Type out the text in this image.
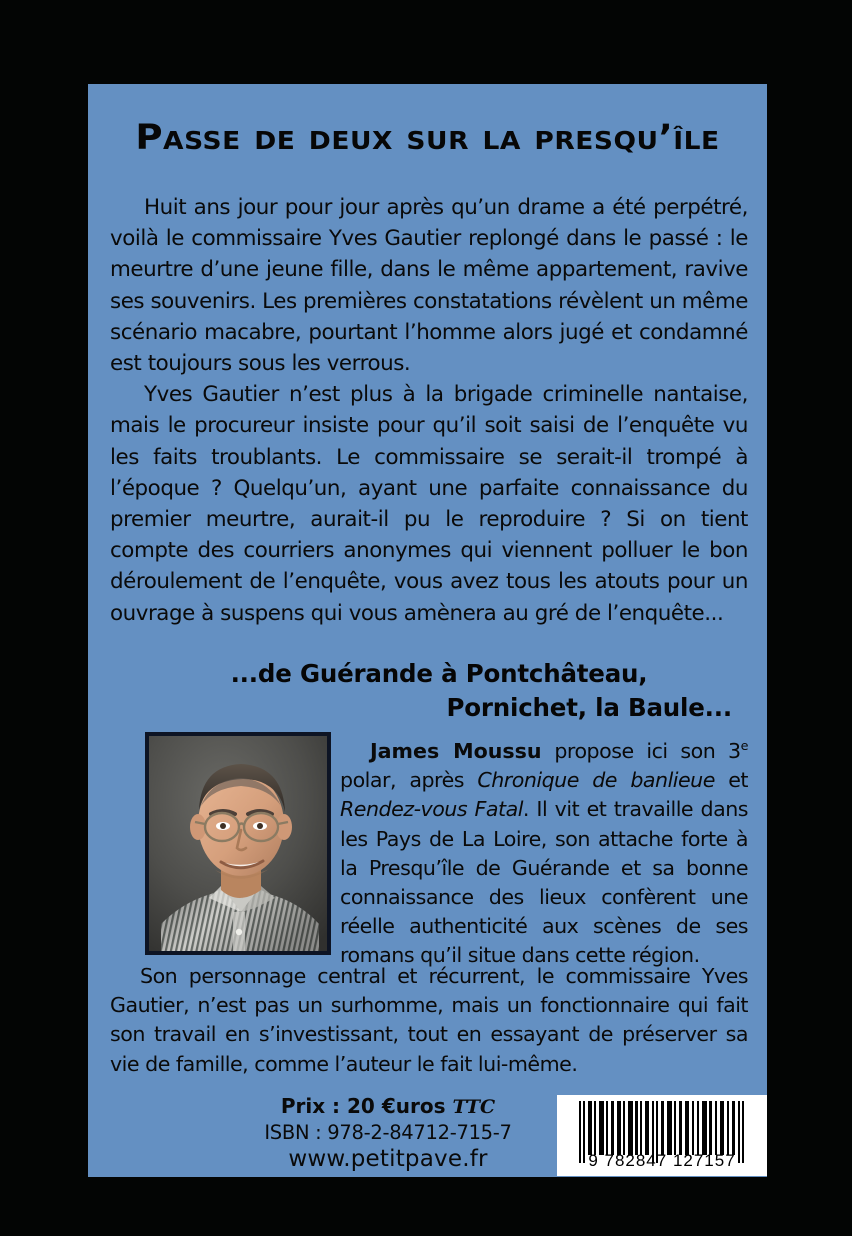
Passe de deux sur la presqu’île

Huit ans jour pour jour après qu’un drame a été perpétré, voilà le commissaire Yves Gautier replongé dans le passé : le meurtre d’une jeune fille, dans le même appartement, ravive ses souvenirs. Les premières constatations révèlent un même scénario macabre, pourtant l’homme alors jugé et condamné est toujours sous les verrous.

Yves Gautier n’est plus à la brigade criminelle nantaise, mais le procureur insiste pour qu’il soit saisi de l’enquête vu les faits troublants. Le commissaire se serait-il trompé à l’époque ? Quelqu’un, ayant une parfaite connaissance du premier meurtre, aurait-il pu le reproduire ? Si on tient compte des courriers anonymes qui viennent polluer le bon déroulement de l’enquête, vous avez tous les atouts pour un ouvrage à suspens qui vous amènera au gré de l’enquête...

...de Guérande à Pontchâteau,
Pornichet, la Baule...

James Moussu propose ici son 3e polar, après Chronique de banlieue et Rendez-vous Fatal. Il vit et travaille dans les Pays de La Loire, son attache forte à la Presqu’île de Guérande et sa bonne connaissance des lieux confèrent une réelle authenticité aux scènes de ses romans qu’il situe dans cette région.

Son personnage central et récurrent, le commissaire Yves Gautier, n’est pas un surhomme, mais un fonctionnaire qui fait son travail en s’investissant, tout en essayant de préserver sa vie de famille, comme l’auteur le fait lui-même.
Prix : 20 €uros TTC
ISBN : 978-2-84712-715-7
www.petitpave.fr	9 782847 127157
